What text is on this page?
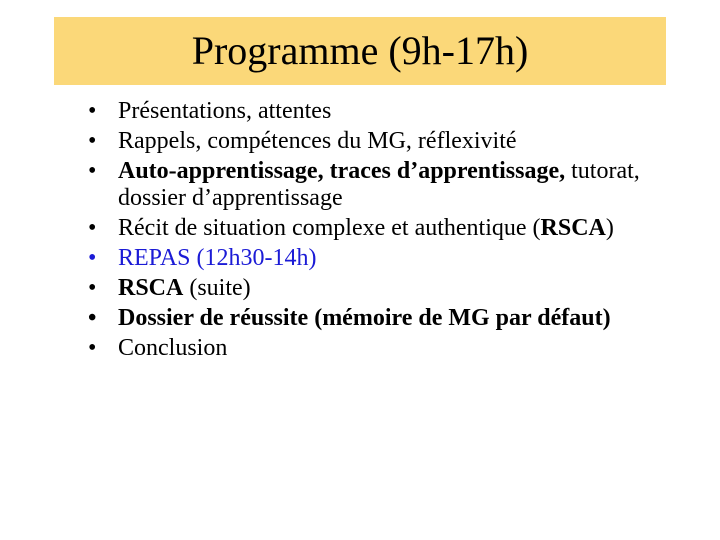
Programme (9h-17h)
• Présentations, attentes
• Rappels, compétences du MG, réflexivité
• Auto-apprentissage, traces d’apprentissage, tutorat, dossier d’apprentissage
• Récit de situation complexe et authentique (RSCA)
• REPAS (12h30-14h)
• RSCA (suite)
• Dossier de réussite (mémoire de MG par défaut)
• Conclusion
